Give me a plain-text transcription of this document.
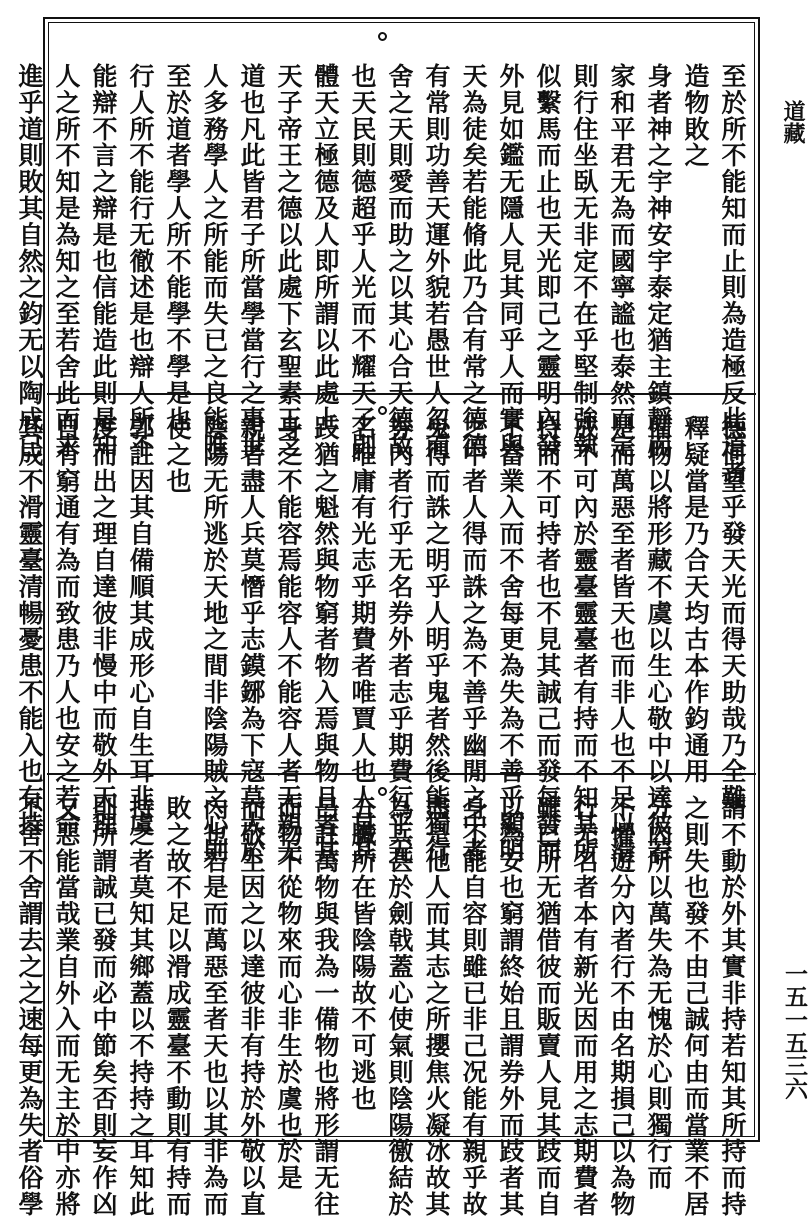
至於所不能知而止則為造極反此道者
造物敗之
身者神之宇神安宇泰定猶主鎮靜而
家和平君无為而國寧謐也泰然而定
則行住坐臥无非定不在乎堅制強執
似繫馬而止也天光即己之靈明內發
外見如鑑无隱人見其同乎人而實與
天為徒矣若能脩此乃合有常之德德
有常則功善天運外貌若愚世人忽而
舍之天則愛而助之以其心合天德故
也天民則德超乎人光而不耀天子則
體天立極德及人即所謂以此處上
天子帝王之德以此處下玄聖素王之
道也凡此皆君子所當學當行之事世
人多務學人之所能而失已之良能唯
至於道者學人所不能學不學是也
行人所不能行无徹述是也辯人所不
能辯不言之辯是也信能造此則是知
人之所不知是為知之至若舍此而求
進乎道則敗其自然之鈞无以陶成已
德何望乎發天光而得天助哉乃全難
釋疑當是乃合天均古本作鈞通用
備物以將形藏不虞以生心敬中以達彼若
是而萬惡至者皆天也而非人也不足以滑
成不可內於靈臺靈臺者有持而不知其所
持而不可持者也不見其誠己而發每發而
不當業入而不舍每更為失為不善乎顯明
之中者人得而誅之為不善乎幽閒之中者
鬼得而誅之明乎人明乎鬼者然後能獨行
券內者行乎无名券外者志乎期費行乎无
名唯庸有光志乎期費者唯賈人也人見其
跂猶之魁然與物窮者物入焉與物且者其
身之不能容焉能容人不能容人者无親无
親者盡人兵莫憯乎志鏌鋣為下寇莫大於
陰陽无所逃於天地之間非陰陽賊之心則
使之也
郭註因其自備順其成形心自生耳非虞
度而出之理自達彼非慢中而敬外天理
自有窮通有為而致患乃人也安之若命
其成不滑靈臺清暢憂患不能入也有持
謂不動於外其實非持若知其所持而持
之則失也發不由己誠何由而當業不居
分內所以萬失為无愧於心則獨行而
不懼遊分內者行不由名期損己以為物
行无名者本有新光因而用之志期費者
雖已所无猶借彼而販賣人見其跂而自
以為安也窮謂終始且謂券外而跂者其
身不能自容則雖已非己况能有親乎故
盡是他人而其志之所攖焦火凝冰故其
為兵甚於劍戟蓋心使氣則陰陽徼結於
五臟所在皆陰陽故不可逃也
呂註萬物與我為一備物也將形謂无往
而物不從物來而心非生於虞也於是
而敬生因之以達彼非有持於外敬以直
內也若是而萬惡至者天也以其非為而
敗之故不足以滑成靈臺不動則有持而
持之者莫知其鄉蓋以不持持之耳知此
則所謂誠已發而必中節矣否則妄作凶
又惡能當哉業自外入而无主於中亦將
不舍不舍謂去之之速每更為失者俗學
道藏
一五一五三六
